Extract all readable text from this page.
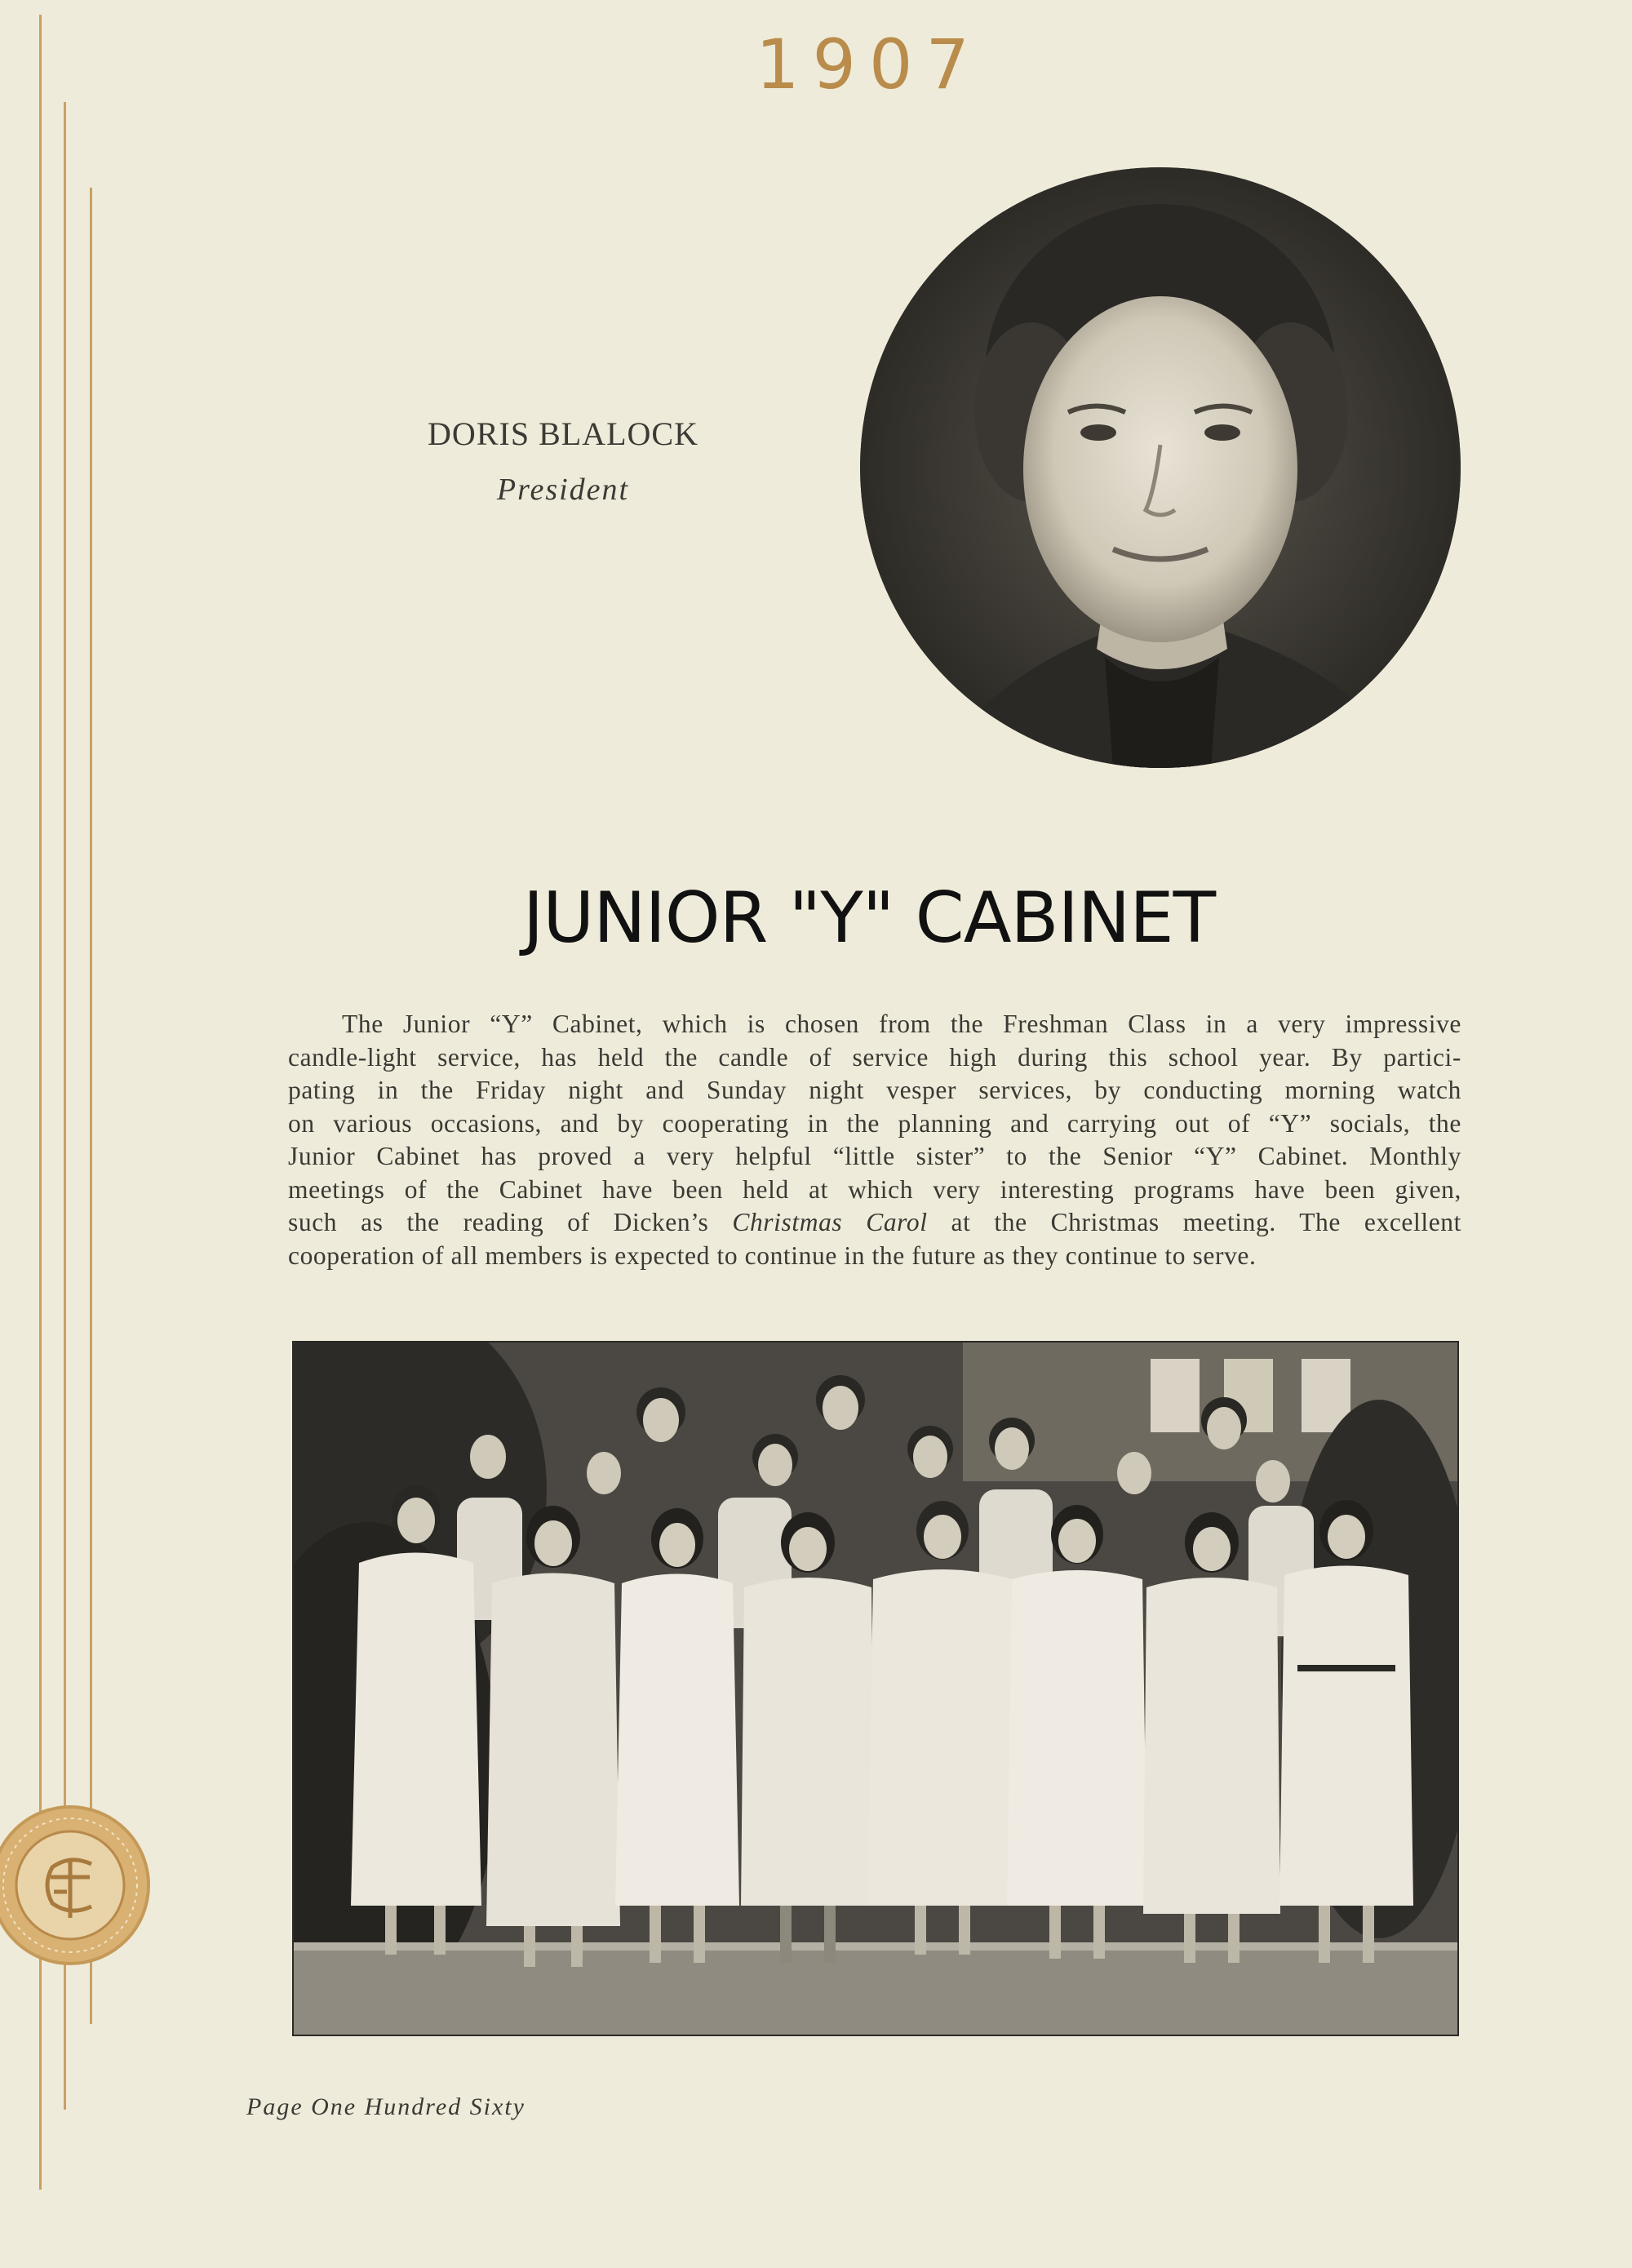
1907
DORIS BLALOCK
President
JUNIOR "Y" CABINET
The Junior “Y” Cabinet, which is chosen from the Freshman Class in a very impressive
candle-light service, has held the candle of service high during this school year. By partici-
pating in the Friday night and Sunday night vesper services, by conducting morning watch
on various occasions, and by cooperating in the planning and carrying out of “Y” socials, the
Junior Cabinet has proved a very helpful “little sister” to the Senior “Y” Cabinet. Monthly
meetings of the Cabinet have been held at which very interesting programs have been given,
such as the reading of Dicken’s Christmas Carol at the Christmas meeting. The excellent
cooperation of all members is expected to continue in the future as they continue to serve.
Page One Hundred Sixty
